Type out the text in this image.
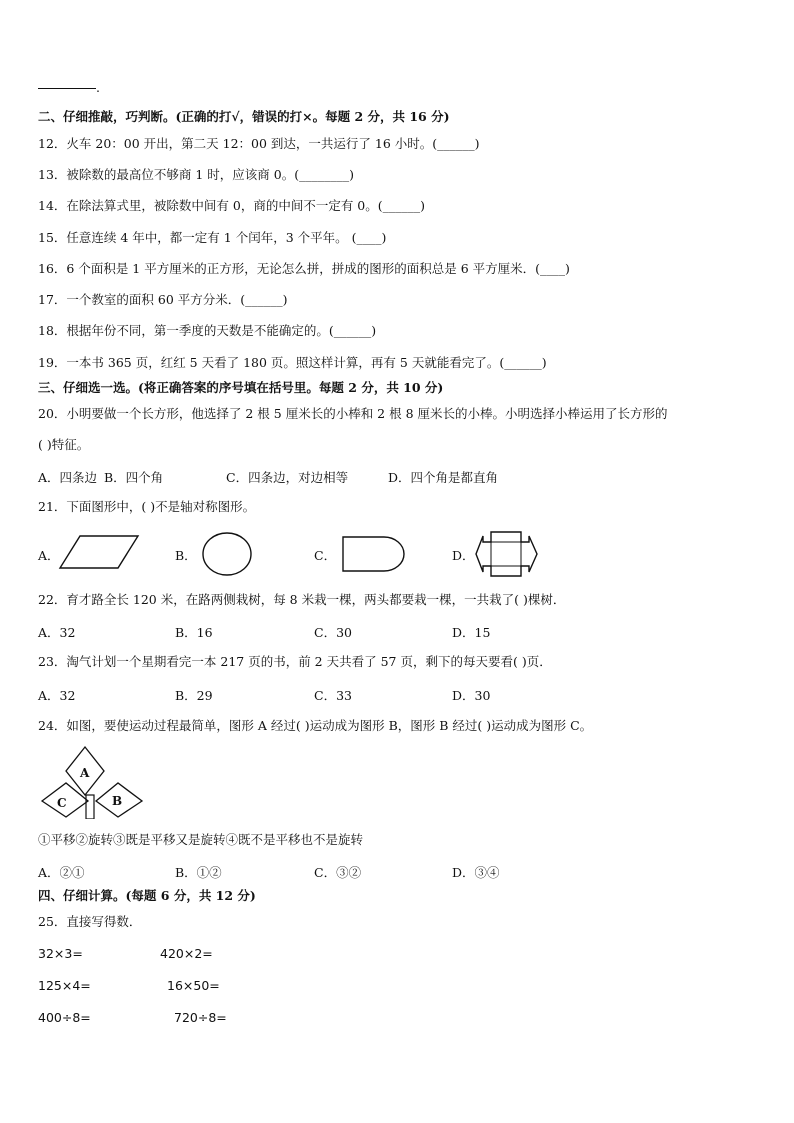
.
二、仔细推敲，巧判断。(正确的打√，错误的打×。每题 2 分，共 16 分)
12．火车 20：00 开出，第二天 12：00 到达，一共运行了 16 小时。(______)
13．被除数的最高位不够商 1 时，应该商 0。(________)
14．在除法算式里，被除数中间有 0，商的中间不一定有 0。(______)
15．任意连续 4 年中，都一定有 1 个闰年，3 个平年。 (____)
16．6 个面积是 1 平方厘米的正方形，无论怎么拼，拼成的图形的面积总是 6 平方厘米．(____)
17．一个教室的面积 60 平方分米．(______)
18．根据年份不同，第一季度的天数是不能确定的。(______)
19．一本书 365 页，红红 5 天看了 180 页。照这样计算，再有 5 天就能看完了。(______)
三、仔细选一选。(将正确答案的序号填在括号里。每题 2 分，共 10 分)
20．小明要做一个长方形，他选择了 2 根 5 厘米长的小棒和 2 根 8 厘米长的小棒。小明选择小棒运用了长方形的
( )特征。
A．四条边 B．四个角	C．四条边，对边相等	D．四个角是都直角
21．下面图形中，( )不是轴对称图形。
A．	B．	C．	D．
22．育才路全长 120 米，在路两侧栽树，每 8 米栽一棵，两头都要栽一棵，一共栽了( )棵树．
A．32	B．16	C．30	D．15
23．淘气计划一个星期看完一本 217 页的书，前 2 天共看了 57 页，剩下的每天要看( )页．
A．32	B．29	C．33	D．30
24．如图，要使运动过程最简单，图形 A 经过( )运动成为图形 B，图形 B 经过( )运动成为图形 C。
A
B
C
①平移②旋转③既是平移又是旋转④既不是平移也不是旋转
A．②①	B．①②	C．③②	D．③④
四、仔细计算。(每题 6 分，共 12 分)
25．直接写得数．
32×3=	420×2=
125×4=	16×50=
400÷8=	720÷8=
